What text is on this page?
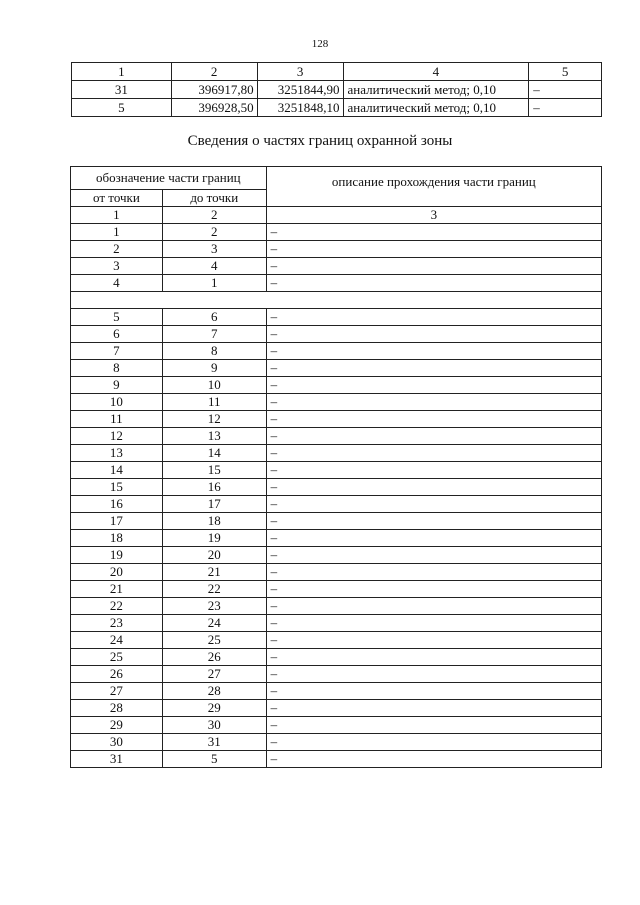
128
1	2	3	4	5
31	396917,80	3251844,90	аналитический метод; 0,10	–
5	396928,50	3251848,10	аналитический метод; 0,10	–
Сведения о частях границ охранной зоны
обозначение части границ		описание прохождения части границ
от точки	до точки	
1	2	3
1	2	–
2	3	–
3	4	–
4	1	–

5	6	–
6	7	–
7	8	–
8	9	–
9	10	–
10	11	–
11	12	–
12	13	–
13	14	–
14	15	–
15	16	–
16	17	–
17	18	–
18	19	–
19	20	–
20	21	–
21	22	–
22	23	–
23	24	–
24	25	–
25	26	–
26	27	–
27	28	–
28	29	–
29	30	–
30	31	–
31	5	–
